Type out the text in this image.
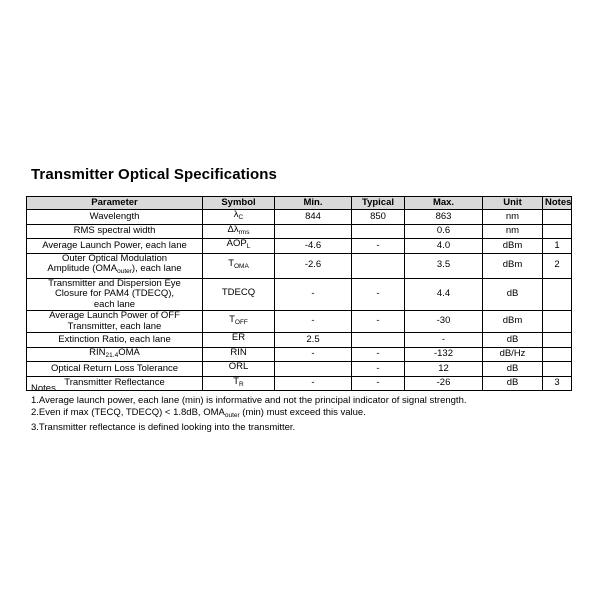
Transmitter Optical Specifications
Parameter	Symbol	Min.	Typical	Max.	Unit	Notes
Wavelength	$\lambda_C$	844	850	863	nm	
RMS spectral width	$\Delta\lambda_{rms}$			0.6	nm	
Average Launch Power, each lane	$AOP_L$	-4.6	-	4.0	dBm	1
Outer Optical Modulation
Amplitude $(OMA_{outer})$, each lane	$T_{OMA}$	-2.6		3.5	dBm	2
Transmitter and Dispersion Eye
Closure for PAM4 (TDECQ),
each lane	TDECQ	-	-	4.4	dB	
Average Launch Power of OFF
Transmitter, each lane	$T_{OFF}$	-	-	-30	dBm	
Extinction Ratio, each lane	ER	2.5		-	dB	
$RIN_{21.4}OMA$	RIN	-	-	-132	dB/Hz	
Optical Return Loss Tolerance	ORL		-	12	dB	
Transmitter Reflectance	$T_R$	-	-	-26	dB	3
Notes
1.Average launch power, each lane (min) is informative and not the principal indicator of signal strength.
2.Even if max (TECQ, TDECQ) < 1.8dB, $OMA_{outer}$ (min) must exceed this value.
3.Transmitter reflectance is defined looking into the transmitter.
